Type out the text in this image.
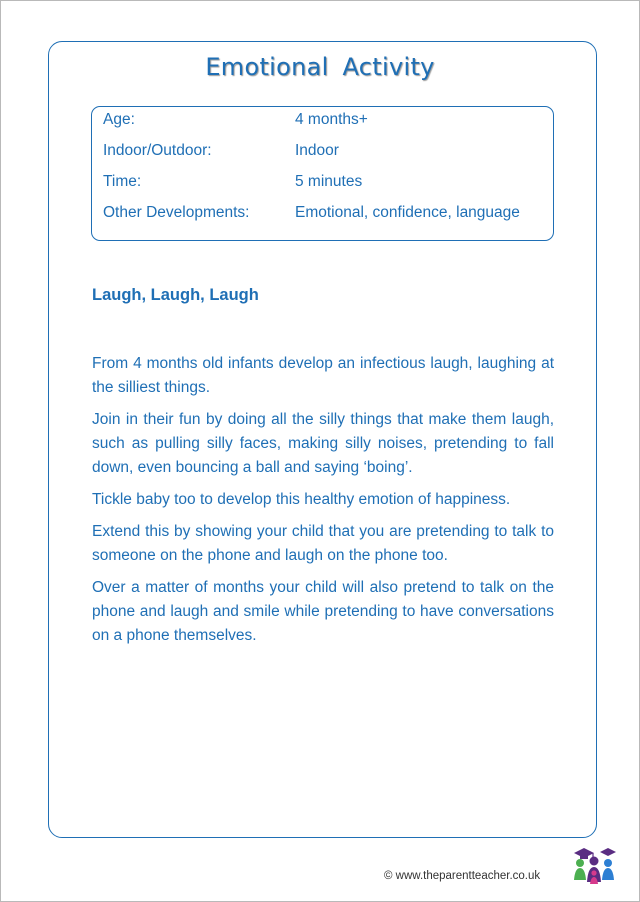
Emotional Activity
Age:	4 months+
Indoor/Outdoor:	Indoor
Time:	5 minutes
Other Developments:	Emotional, confidence, language
Laugh, Laugh, Laugh

From 4 months old infants develop an infectious laugh, laughing at the silliest things.

Join in their fun by doing all the silly things that make them laugh, such as pulling silly faces, making silly noises, pretending to fall down, even bouncing a ball and saying ‘boing’.

Tickle baby too to develop this healthy emotion of happiness.

Extend this by showing your child that you are pretending to talk to someone on the phone and laugh on the phone too.

Over a matter of months your child will also pretend to talk on the phone and laugh and smile while pretending to have conversations on a phone themselves.

© www.theparentteacher.co.uk
